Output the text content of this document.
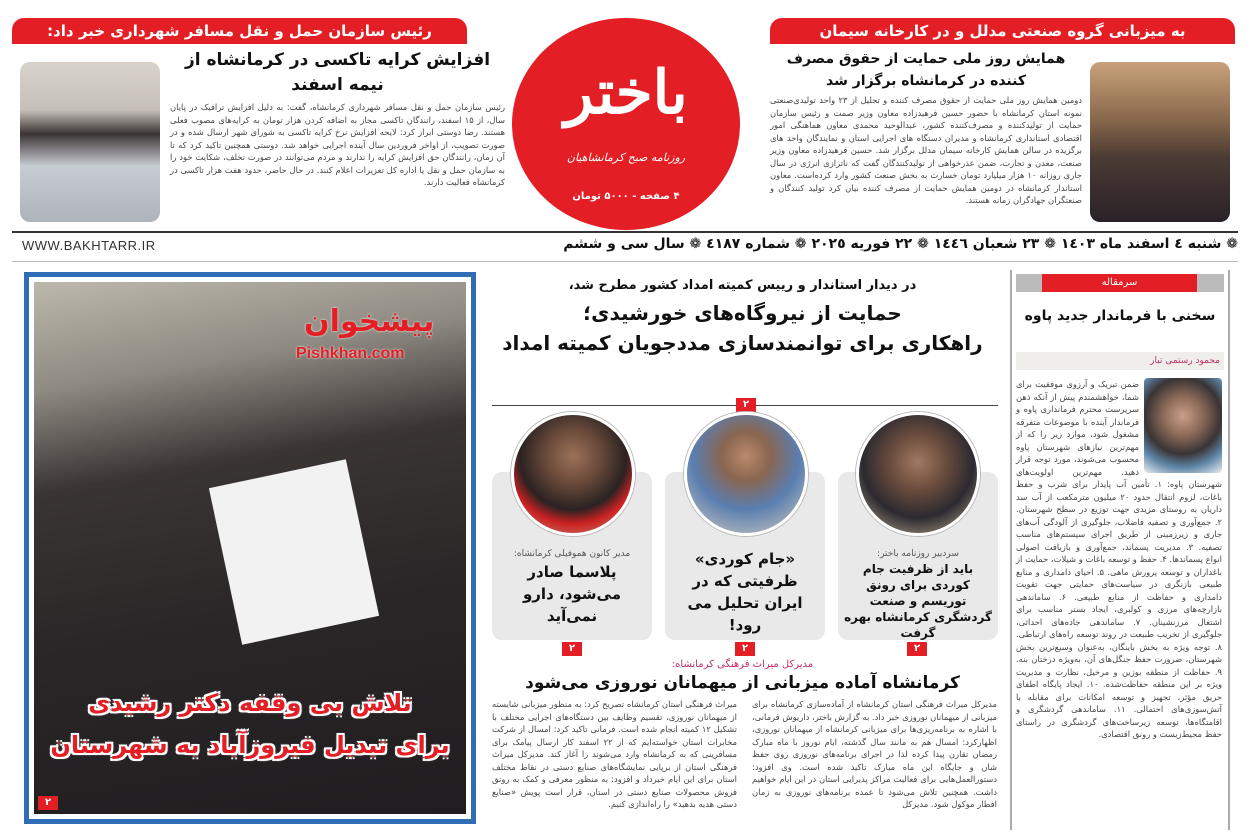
به میزبانی گروه صنعتی مدلل و در کارخانه سیمان
همایش روز ملی حمایت از حقوق مصرف کننده در کرمانشاه برگزار شد
دومین همایش روز ملی حمایت از حقوق مصرف کننده و تجلیل از ۲۳ واحد تولیدی‌صنعتی نمونه استان کرمانشاه با حضور حسین فرهیدزاده معاون وزیر صمت و رئیس سازمان حمایت از تولیدکننده و مصرف‌کننده کشور، عبدالوحید محمدی معاون هماهنگی امور اقتصادی استانداری کرمانشاه و مدیران دستگاه های اجرایی استان و نمایندگان واحد های برگزیده در سالن همایش کارخانه سیمان مدلل برگزار شد. حسین فرهیدزاده معاون وزیر صنعت، معدن و تجارت، ضمن عذرخواهی از تولیدکنندگان گفت که ناترازی انرژی در سال جاری روزانه ۱۰ هزار میلیارد تومان خسارت به بخش صنعت کشور وارد کرده‌است. معاون استاندار کرمانشاه در دومین همایش حمایت از مصرف کننده بیان کرد تولید کنندگان و صنعتگران جهادگران زمانه هستند.
باختر
روزنامه صبح کرمانشاهیان
۴ صفحه - ۵۰۰۰ تومان
رئیس سازمان حمل و نقل مسافر شهرداری خبر داد:
افزایش کرایه تاکسی در کرمانشاه از نیمه اسفند
رئیس سازمان حمل و نقل مسافر شهرداری کرمانشاه، گفت: به دلیل افزایش ترافیک در پایان سال، از ۱۵ اسفند، رانندگان تاکسی مجاز به اضافه کردن هزار تومان به کرایه‌های مصوب فعلی هستند. رضا دوستی ابراز کرد: لایحه افزایش نرخ کرایه تاکسی به شورای شهر ارسال شده و در صورت تصویب، از اواخر فروردین سال آینده اجرایی خواهد شد. دوستی همچنین تاکید کرد که تا آن زمان، رانندگان حق افزایش کرایه را ندارند و مردم می‌توانند در صورت تخلف، شکایت خود را به سازمان حمل و نقل یا اداره کل تعزیرات اعلام کنند. در حال حاضر، حدود هفت هزار تاکسی در کرمانشاه فعالیت دارند.
❁ شنبه ٤ اسفند ماه ١٤٠٣ ❁ ٢٣ شعبان ١٤٤٦ ❁ ٢٢ فوریه ٢٠٢٥ ❁ شماره ٤١٨٧ ❁ سال سی و ششم
WWW.BAKHTARR.IR
پیشخوان
Pishkhan.com
تلاش بی وقفه دکتر رشیدی
برای تبدیل فیروزآباد به شهرستان
۲
در دیدار استاندار و رییس کمیته امداد کشور مطرح شد،
حمایت از نیروگاه‌های خورشیدی؛
راهکاری برای توانمندسازی مددجویان کمیته امداد
۲
سردبیر روزنامه باختر:
باید از ظرفیت جام کوردی برای رونق توریسم و صنعت گردشگری کرمانشاه بهره گرفت
۲
«جام کوردی» ظرفیتی که در ایران تحلیل می رود!
۲
مدیر کانون هموفیلی کرمانشاه:
پلاسما صادر می‌شود، دارو نمی‌آید
۲
مدیرکل میراث فرهنگی کرمانشاه:
کرمانشاه آماده میزبانی از میهمانان نوروزی می‌شود
مدیرکل میراث فرهنگی استان کرمانشاه از آماده‌سازی کرمانشاه برای میزبانی از میهمانان نوروزی خبر داد. به گزارش باختر، داریوش فرمانی، با اشاره به برنامه‌ریزی‌ها برای میزبانی کرمانشاه از میهمانان نوروزی، اظهارکرد: امسال هم به مانند سال گذشته، ایام نوروز با ماه مبارک رمضان تقارن پیدا کرده لذا در اجرای برنامه‌های نوروزی روی حفظ شان و جایگاه این ماه مبارک تاکید شده است. وی افزود: دستورالعمل‌هایی برای فعالیت مراکز پذیرایی استان در این ایام خواهیم داشت. همچنین تلاش می‌شود تا عمده برنامه‌های نوروزی به زمان افطار موکول شود. مدیرکل
میراث فرهنگی استان کرمانشاه تصریح کرد: به منظور میزبانی شایسته از میهمانان نوروزی، تقسیم وظایف بین دستگاه‌های اجرایی مختلف با تشکیل ۱۲ کمیته انجام شده است. فرمانی تاکید کرد: امسال از شرکت مخابرات استان خواسته‌ایم که از ۲۲ اسفند کار ارسال پیامک برای مسافرینی که به کرمانشاه وارد می‌شوند را آغاز کند. مدیرکل میراث فرهنگی استان از برپایی نمایشگاه‌های صنایع دستی در نقاط مختلف استان برای این ایام خبرداد و افزود: به منظور معرفی و کمک به رونق فروش محصولات صنایع دستی در استان، قرار است پویش «صنایع دستی هدیه بدهید» را راه‌اندازی کنیم.
سرمقاله
سخنی با فرماندار جدید پاوه
محمود رستمی تبار
ضمن تبریک و آرزوی موفقیت برای شما، خواهشمندم پیش از آنکه ذهن سرپرست محترم فرمانداری پاوه و فرماندار آینده با موضوعات متفرقه مشغول شود، موارد زیر را که از مهم‌ترین نیازهای شهرستان پاوه محسوب می‌شوند، مورد توجه قرار دهید. مهم‌ترین اولویت‌های شهرستان پاوه: ۱. تأمین آب پایدار برای شرب و حفظ باغات، لزوم انتقال حدود ۲۰ میلیون مترمکعب از آب سد داریان به روستای مزیدی جهت توزیع در سطح شهرستان. ۲. جمع‌آوری و تصفیه فاضلاب، جلوگیری از آلودگی آب‌های جاری و زیرزمینی از طریق اجرای سیستم‌های مناسب تصفیه. ۳. مدیریت پسماند، جمع‌آوری و بازیافت اصولی انواع پسماندها. ۴. حفظ و توسعه باغات و شیلات، حمایت از باغداران و توسعه پرورش ماهی. ۵. احیای دامداری و منابع طبیعی بازنگری در سیاست‌های حمایتی جهت تقویت دامداری و حفاظت از منابع طبیعی. ۶. ساماندهی بازارچه‌های مرزی و کولبری، ایجاد بستر مناسب برای اشتغال مرزنشینان. ۷. ساماندهی جاده‌های احداثی، جلوگیری از تخریب طبیعت در روند توسعه راه‌های ارتباطی. ۸. توجه ویژه به بخش باینگان، به‌عنوان وسیع‌ترین بخش شهرستان، ضرورت حفظ جنگل‌های آن، به‌ویژه درختان بنه. ۹. حفاظت از منطقه بوزین و مرخیل، نظارت و مدیریت ویژه بر این منطقه حفاظت‌شده. ۱۰. ایجاد پایگاه اطفای حریق مؤثر، تجهیز و توسعه امکانات برای مقابله با آتش‌سوزی‌های احتمالی. ۱۱. ساماندهی گردشگری و اقامتگاه‌ها، توسعه زیرساخت‌های گردشگری در راستای حفظ محیط‌زیست و رونق اقتصادی.
